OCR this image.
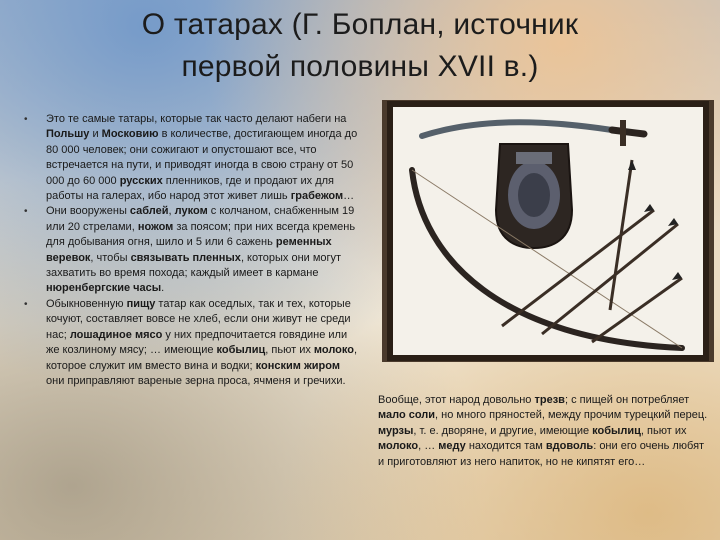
О татарах (Г. Боплан, источник
первой половины XVII в.)
• Это те самые татары, которые так часто делают набеги на Польшу и Московию в количестве, достигающем иногда до 80 000 человек; они сожигают и опустошают все, что встречается на пути, и приводят иногда в свою страну от 50 000 до 60 000 русских пленников, где и продают их для работы на галерах, ибо народ этот живет лишь грабежом…
• Они вооружены саблей, луком с колчаном, снабженным 19 или 20 стрелами, ножом за поясом; при них всегда кремень для добывания огня, шило и 5 или 6 сажень ременных веревок, чтобы связывать пленных, которых они могут захватить во время похода; каждый имеет в кармане нюренбергские часы.
• Обыкновенную пищу татар как оседлых, так и тех, которые кочуют, составляет вовсе не хлеб, если они живут не среди нас; лошадиное мясо у них предпочитается говядине или же козлиному мясу; … имеющие кобылиц, пьют их молоко, которое служит им вместо вина и водки; конским жиром они приправляют вареные зерна проса, ячменя и гречихи.
Вообще, этот народ довольно трезв; с пищей он потребляет мало соли, но много пряностей, между прочим турецкий перец. мурзы, т. е. дворяне, и другие, имеющие кобылиц, пьют их молоко, … меду находится там вдоволь: они его очень любят и приготовляют из него напиток, но не кипятят его…
